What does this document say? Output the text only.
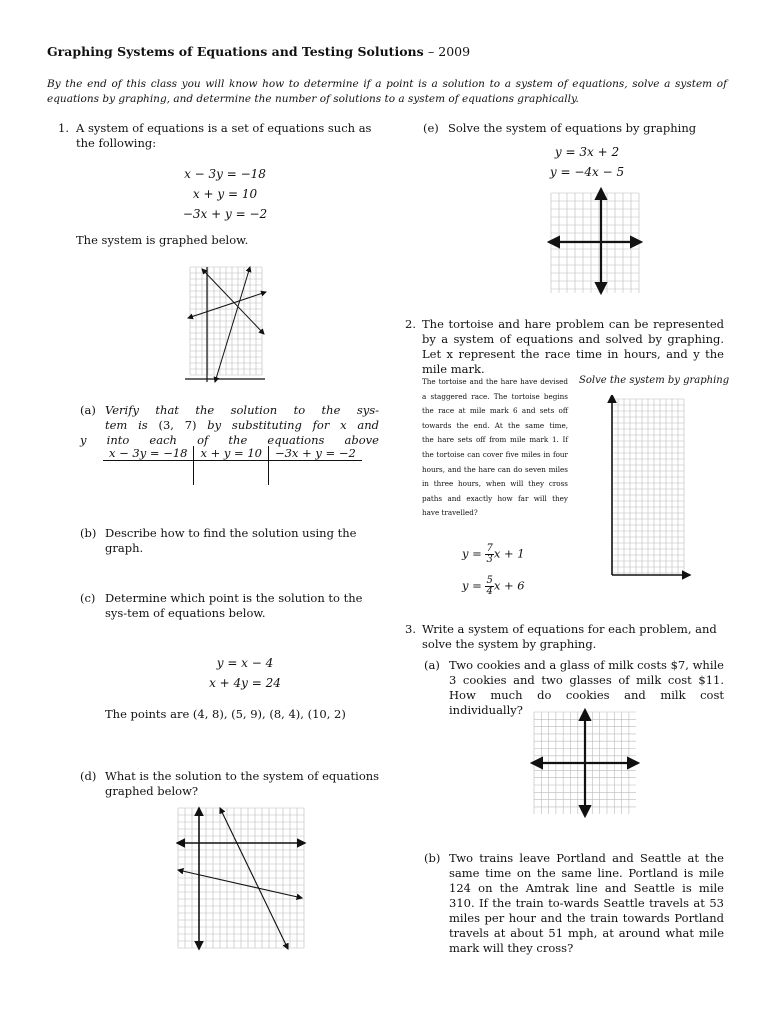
Graphing Systems of Equations and Testing Solutions – 2009
By the end of this class you will know how to determine if a point is a solution to a system of equations, solve a system of equations by graphing, and determine the number of solutions to a system of equations graphically.
1. A system of equations is a set of equations such as the following:
x − 3y = −18
x + y = 10
−3x + y = −2
The system is graphed below.
(a) Verify that the solution to the sys-
tem is (3, 7) by substituting for x and
y into each of the equations above
x − 3y = −18	x + y = 10	−3x + y = −2

(b) Describe how to find the solution using the graph.
(c) Determine which point is the solution to the sys-tem of equations below.
y = x − 4
x + 4y = 24
The points are (4, 8), (5, 9), (8, 4), (10, 2)
(d) What is the solution to the system of equations graphed below?
(e) Solve the system of equations by graphing
y = 3x + 2
y = −4x − 5
2. The tortoise and hare problem can be represented by a system of equations and solved by graphing. Let x represent the race time in hours, and y the mile mark.
The tortoise and the hare have devised
a staggered race. The tortoise begins
the race at mile mark 6 and sets off
towards the end. At the same time,
the hare sets off from mile mark 1. If
the tortoise can cover five miles in four
hours, and the hare can do seven miles
in three hours, when will they cross
paths and exactly how far will they
have travelled?
Solve the system by graphing
$y = \frac{7}{3}$ x + 1
$y = \frac{5}{4}$ x + 6
3. Write a system of equations for each problem, and solve the system by graphing.
(a) Two cookies and a glass of milk costs $7, while 3 cookies and two glasses of milk cost $11. How much do cookies and milk cost individually?
(b) Two trains leave Portland and Seattle at the same time on the same line. Portland is mile 124 on the Amtrak line and Seattle is mile 310. If the train to-wards Seattle travels at 53 miles per hour and the train towards Portland travels at about 51 mph, at around what mile mark will they cross?
